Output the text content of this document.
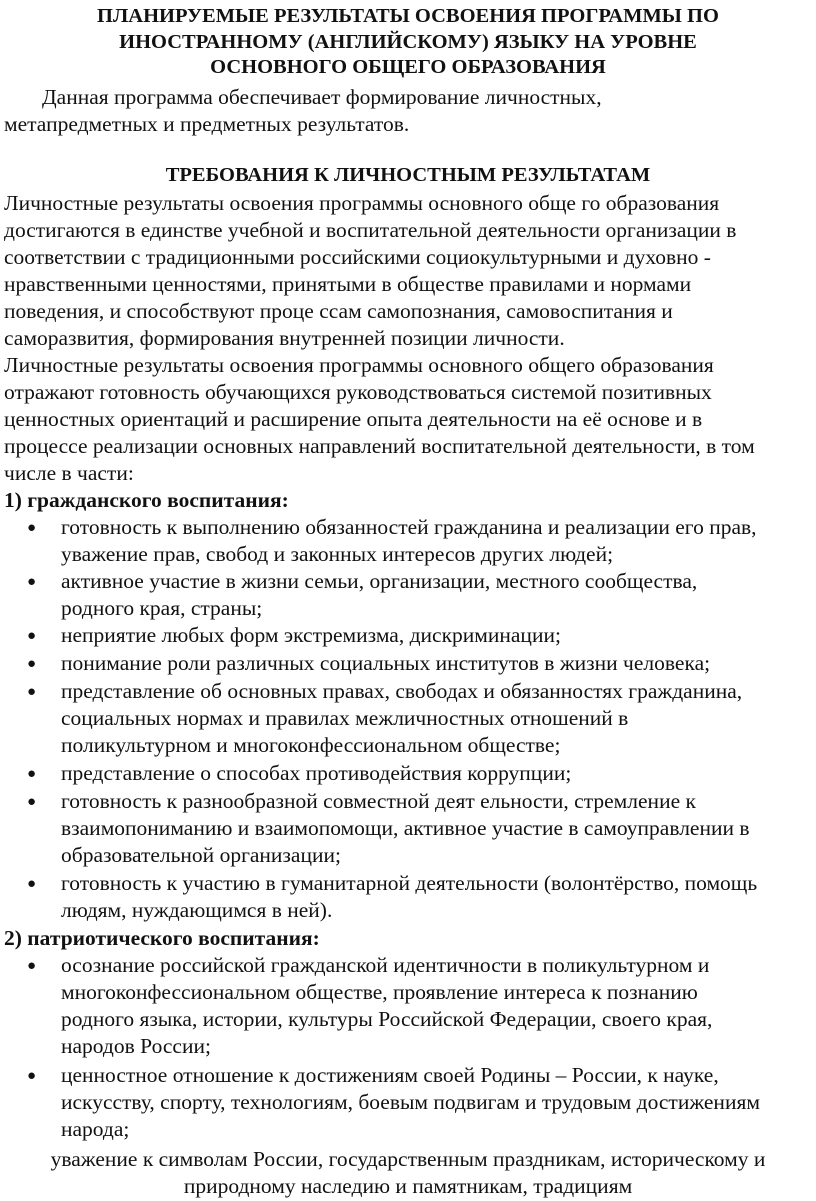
ПЛАНИРУЕМЫЕ РЕЗУЛЬТАТЫ ОСВОЕНИЯ ПРОГРАММЫ ПО
ИНОСТРАННОМУ (АНГЛИЙСКОМУ) ЯЗЫКУ НА УРОВНЕ
ОСНОВНОГО ОБЩЕГО ОБРАЗОВАНИЯ
Данная программа обеспечивает формирование личностных,
метапредметных и предметных результатов.
ТРЕБОВАНИЯ К ЛИЧНОСТНЫМ РЕЗУЛЬТАТАМ
Личностные результаты освоения программы основного обще го образования
достигаются в единстве учебной и воспитательной деятельности организации в
соответствии с традиционными российскими социокультурными и духовно -
нравственными ценностями, принятыми в обществе правилами и нормами
поведения, и способствуют проце ссам самопознания, самовоспитания и
саморазвития, формирования внутренней позиции личности.
Личностные результаты освоения программы основного общего образования
отражают готовность обучающихся руководствоваться системой позитивных
ценностных ориентаций и расширение опыта деятельности на её основе и в
процессе реализации основных направлений воспитательной деятельности, в том
числе в части:
1) гражданского воспитания:
● готовность к выполнению обязанностей гражданина и реализации его прав,
уважение прав, свобод и законных интересов других людей;
● активное участие в жизни семьи, организации, местного сообщества,
родного края, страны;
● неприятие любых форм экстремизма, дискриминации;
● понимание роли различных социальных институтов в жизни человека;
● представление об основных правах, свободах и обязанностях гражданина,
социальных нормах и правилах межличностных отношений в
поликультурном и многоконфессиональном обществе;
● представление о способах противодействия коррупции;
● готовность к разнообразной совместной деят ельности, стремление к
взаимопониманию и взаимопомощи, активное участие в самоуправлении в
образовательной организации;
● готовность к участию в гуманитарной деятельности (волонтёрство, помощь
людям, нуждающимся в ней).
2) патриотического воспитания:
● осознание российской гражданской идентичности в поликультурном и
многоконфессиональном обществе, проявление интереса к познанию
родного языка, истории, культуры Российской Федерации, своего края,
народов России;
● ценностное отношение к достижениям своей Родины – России, к науке,
искусству, спорту, технологиям, боевым подвигам и трудовым достижениям
народа;
уважение к символам России, государственным праздникам, историческому и
природному наследию и памятникам, традициям
